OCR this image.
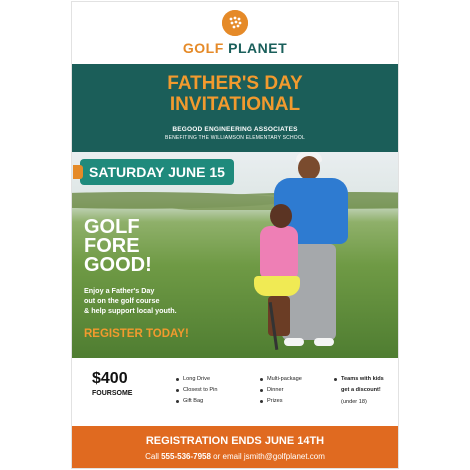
GOLF PLANET
FATHER'S DAY
INVITATIONAL
BEGOOD ENGINEERING ASSOCIATES
BENEFITING THE WILLIAMSON ELEMENTARY SCHOOL
SATURDAY JUNE 15
GOLF
FORE
GOOD!
Enjoy a Father's Day
out on the golf course
& help support local youth.
REGISTER TODAY!
$400
FOURSOME
Long Drive
Closest to Pin
Gift Bag
Multi-package
Dinner
Prizes
Teams with kids get a discount!
(under 18)
REGISTRATION ENDS JUNE 14TH
Call 555-536-7958 or email jsmith@golfplanet.com
